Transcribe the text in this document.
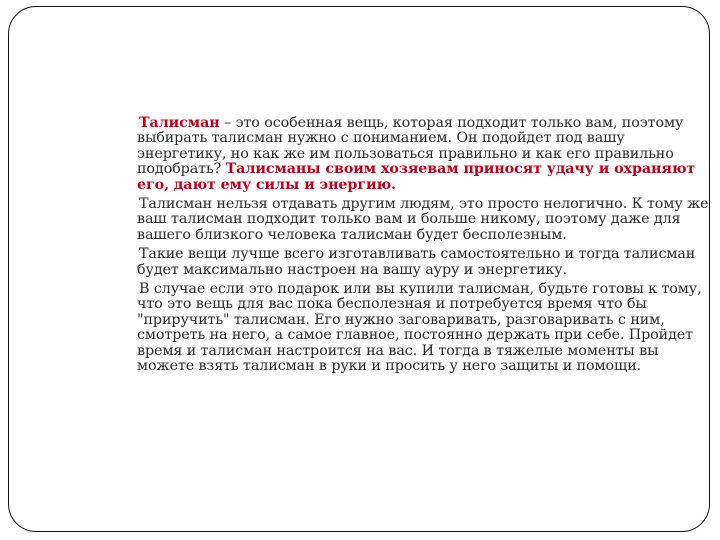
Талисман – это особенная вещь, которая подходит только вам, поэтому выбирать талисман нужно с пониманием. Он подойдет под вашу энергетику, но как же им пользоваться правильно и как его правильно подобрать? Талисманы своим хозяевам приносят удачу и охраняют его, дают ему силы и энергию.

Талисман нельзя отдавать другим людям, это просто нелогично. К тому же ваш талисман подходит только вам и больше никому, поэтому даже для вашего близкого человека талисман будет бесполезным.

Такие вещи лучше всего изготавливать самостоятельно и тогда талисман будет максимально настроен на вашу ауру и энергетику.

В случае если это подарок или вы купили талисман, будьте готовы к тому, что это вещь для вас пока бесполезная и потребуется время что бы "приручить" талисман. Его нужно заговаривать, разговаривать с ним, смотреть на него, а самое главное, постоянно держать при себе. Пройдет время и талисман настроится на вас. И тогда в тяжелые моменты вы можете взять талисман в руки и просить у него защиты и помощи.
